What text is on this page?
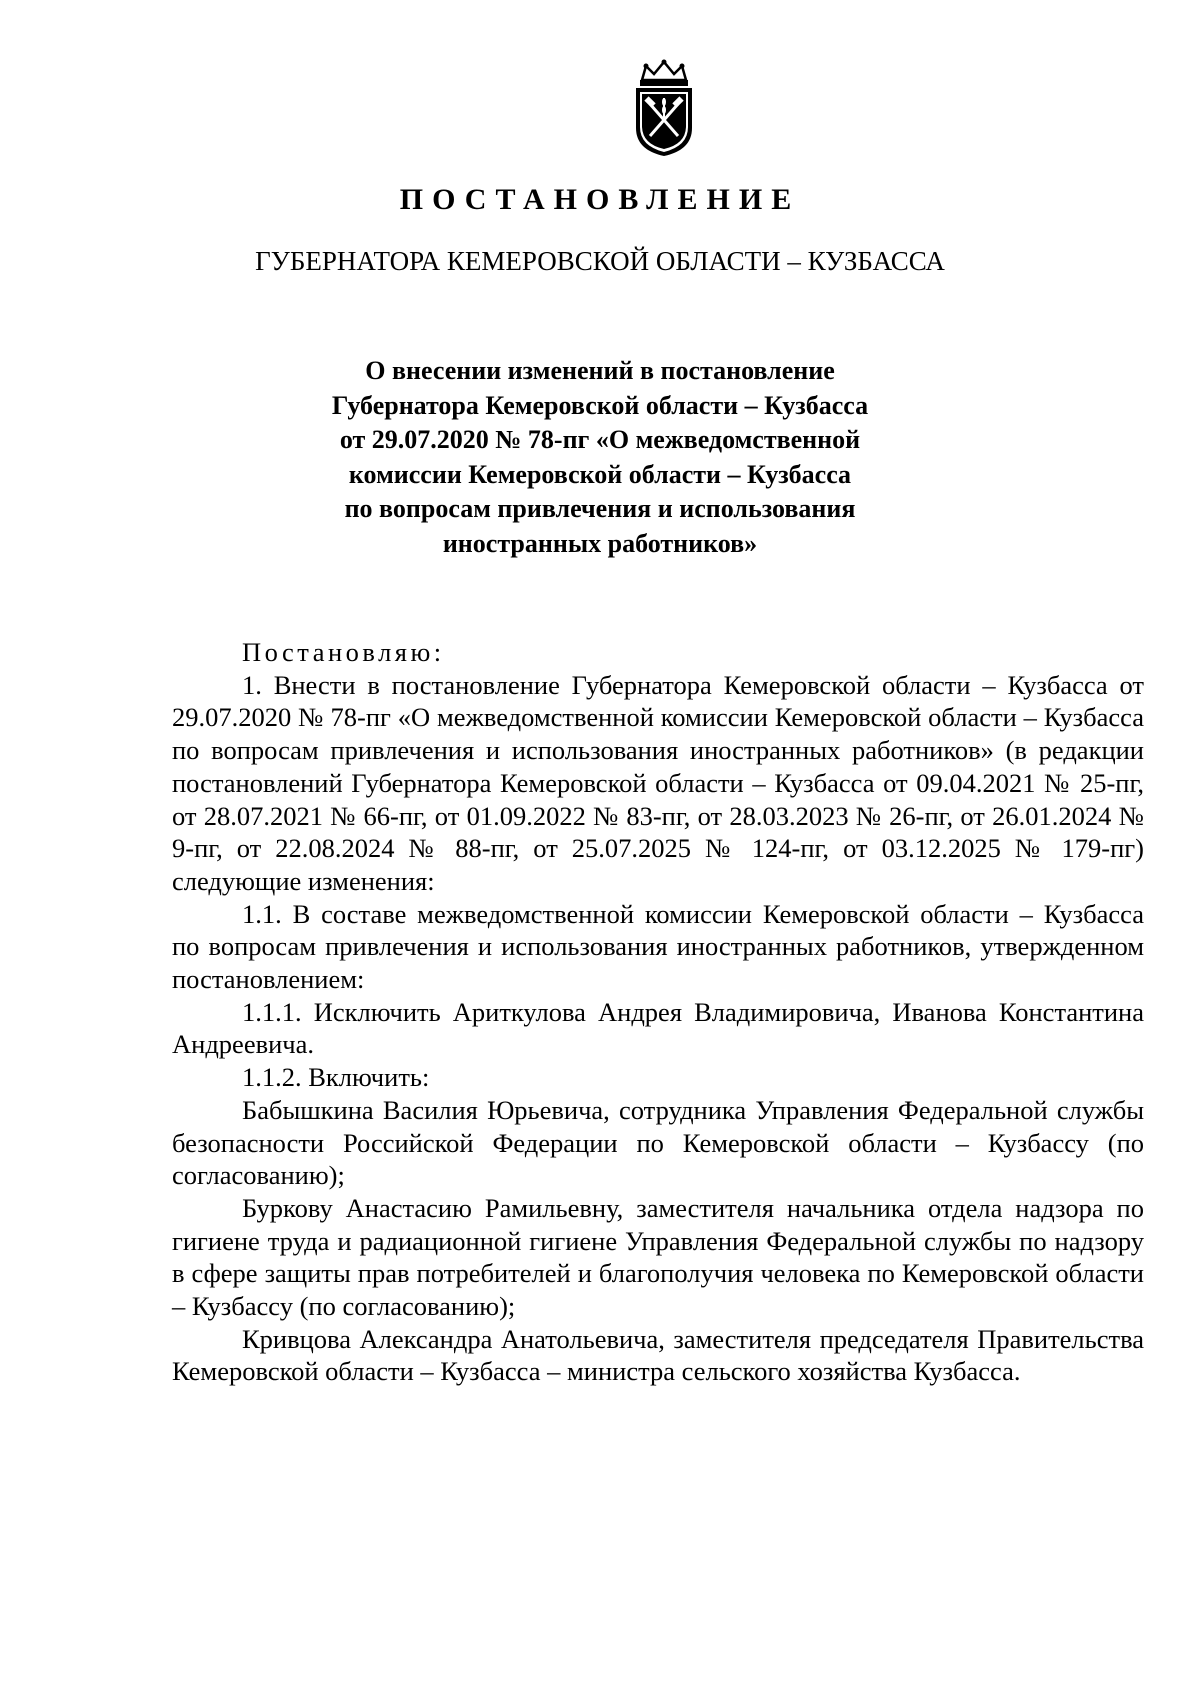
ПОСТАНОВЛЕНИЕ
ГУБЕРНАТОРА КЕМЕРОВСКОЙ ОБЛАСТИ – КУЗБАССА
О внесении изменений в постановление
Губернатора Кемеровской области – Кузбасса
от 29.07.2020 № 78-пг «О межведомственной
комиссии Кемеровской области – Кузбасса
по вопросам привлечения и использования
иностранных работников»

Постановляю:

1. Внести в постановление Губернатора Кемеровской области – Кузбасса от 29.07.2020 № 78-пг «О межведомственной комиссии Кемеровской области – Кузбасса по вопросам привлечения и использования иностранных работников» (в редакции постановлений Губернатора Кемеровской области – Кузбасса от 09.04.2021 № 25-пг, от 28.07.2021 № 66-пг, от 01.09.2022 № 83-пг, от 28.03.2023 № 26-пг, от 26.01.2024 № 9-пг, от 22.08.2024 № 88-пг, от 25.07.2025 № 124-пг, от 03.12.2025 № 179-пг) следующие изменения:

1.1. В составе межведомственной комиссии Кемеровской области – Кузбасса по вопросам привлечения и использования иностранных работников, утвержденном постановлением:

1.1.1. Исключить Ариткулова Андрея Владимировича, Иванова Константина Андреевича.

1.1.2. Включить:

Бабышкина Василия Юрьевича, сотрудника Управления Федеральной службы безопасности Российской Федерации по Кемеровской области – Кузбассу (по согласованию);

Буркову Анастасию Рамильевну, заместителя начальника отдела надзора по гигиене труда и радиационной гигиене Управления Федеральной службы по надзору в сфере защиты прав потребителей и благополучия человека по Кемеровской области – Кузбассу (по согласованию);

Кривцова Александра Анатольевича, заместителя председателя Правительства Кемеровской области – Кузбасса – министра сельского хозяйства Кузбасса.
